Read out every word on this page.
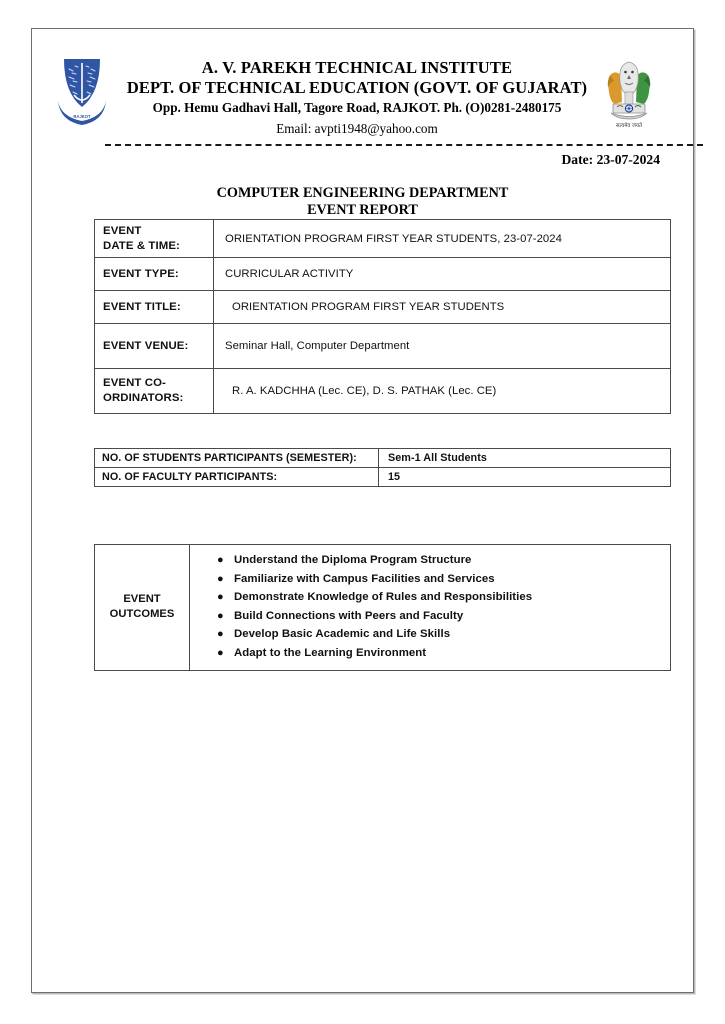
RAJKOT
सत्यमेव जयते
A. V. PAREKH TECHNICAL INSTITUTE
DEPT. OF TECHNICAL EDUCATION (GOVT. OF GUJARAT)
Opp. Hemu Gadhavi Hall, Tagore Road, RAJKOT. Ph. (O)0281-2480175
Email: avpti1948@yahoo.com
Date: 23-07-2024
COMPUTER ENGINEERING DEPARTMENT
EVENT REPORT
EVENT
DATE & TIME:	ORIENTATION PROGRAM FIRST YEAR STUDENTS, 23-07-2024
EVENT TYPE:	CURRICULAR ACTIVITY
EVENT TITLE:	ORIENTATION PROGRAM FIRST YEAR STUDENTS
EVENT VENUE:	Seminar Hall, Computer Department

EVENT CO-
ORDINATORS:	R. A. KADCHHA (Lec. CE), D. S. PATHAK (Lec. CE)
NO. OF STUDENTS PARTICIPANTS (SEMESTER):	Sem-1 All Students
NO. OF FACULTY PARTICIPANTS:	15
EVENT
OUTCOMES

● Understand the Diploma Program Structure
● Familiarize with Campus Facilities and Services
● Demonstrate Knowledge of Rules and Responsibilities
● Build Connections with Peers and Faculty
● Develop Basic Academic and Life Skills
● Adapt to the Learning Environment
